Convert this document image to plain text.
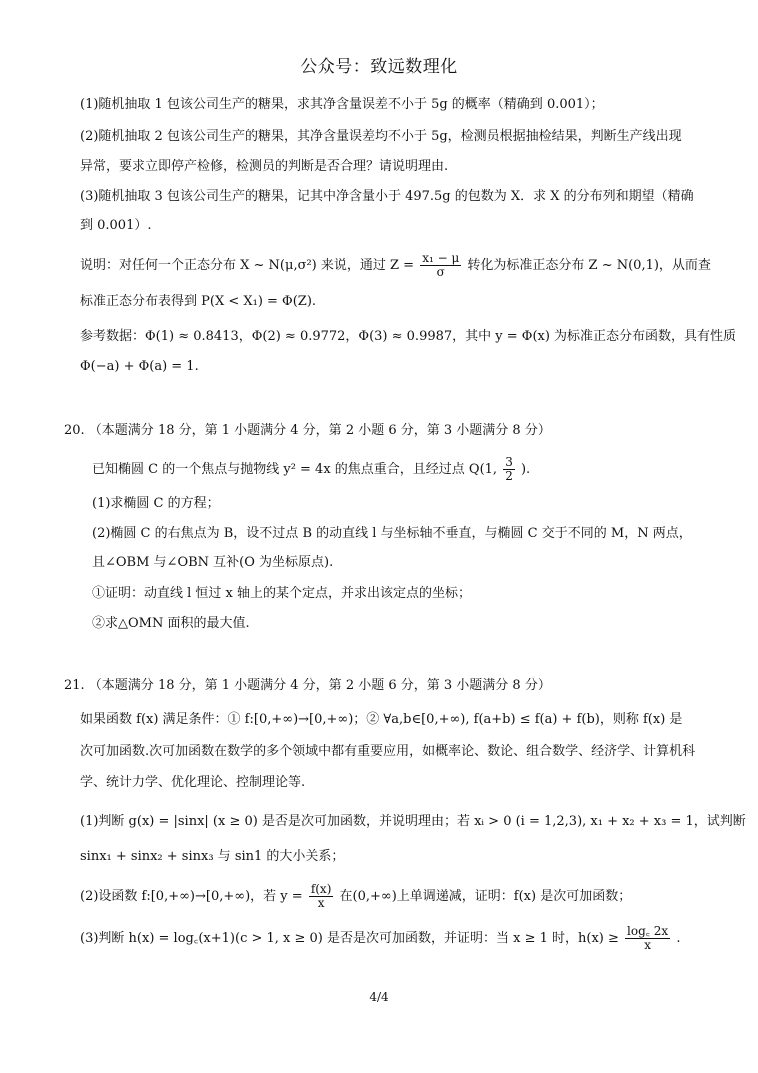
公众号：致远数理化
(1)随机抽取 1 包该公司生产的糖果，求其净含量误差不小于 5g 的概率（精确到 0.001）；
(2)随机抽取 2 包该公司生产的糖果，其净含量误差均不小于 5g，检测员根据抽检结果，判断生产线出现
异常，要求立即停产检修，检测员的判断是否合理？请说明理由.
(3)随机抽取 3 包该公司生产的糖果，记其中净含量小于 497.5g 的包数为 X．求 X 的分布列和期望（精确
到 0.001）.
说明：对任何一个正态分布 X ~ N(μ,σ²) 来说，通过 $Z = \frac{\text{x₁ − μ}}{\sigma}$ 转化为标准正态分布 Z ~ N(0,1)，从而查
标准正态分布表得到 P(X < X₁) = Φ(Z).
参考数据：Φ(1) ≈ 0.8413，Φ(2) ≈ 0.9772，Φ(3) ≈ 0.9987，其中 y = Φ(x) 为标准正态分布函数，具有性质
Φ(−a) + Φ(a) = 1.
20. （本题满分 18 分，第 1 小题满分 4 分，第 2 小题 6 分，第 3 小题满分 8 分）
已知椭圆 C 的一个焦点与抛物线 y² = 4x 的焦点重合，且经过点 Q(1, $\frac{3}{2}$ ).
(1)求椭圆 C 的方程；
(2)椭圆 C 的右焦点为 B，设不过点 B 的动直线 l 与坐标轴不垂直，与椭圆 C 交于不同的 M，N 两点，
且∠OBM 与∠OBN 互补(O 为坐标原点).
①证明：动直线 l 恒过 x 轴上的某个定点，并求出该定点的坐标；
②求△OMN 面积的最大值.
21. （本题满分 18 分，第 1 小题满分 4 分，第 2 小题 6 分，第 3 小题满分 8 分）
如果函数 f(x) 满足条件：① f:[0,+∞)→[0,+∞)；② ∀a,b∈[0,+∞), f(a+b) ≤ f(a) + f(b)，则称 f(x) 是
次可加函数.次可加函数在数学的多个领域中都有重要应用，如概率论、数论、组合数学、经济学、计算机科
学、统计力学、优化理论、控制理论等.
(1)判断 g(x) = |sinx| (x ≥ 0) 是否是次可加函数，并说明理由；若 xᵢ > 0 (i = 1,2,3), x₁ + x₂ + x₃ = 1，试判断
sinx₁ + sinx₂ + sinx₃ 与 sin1 的大小关系；
(2)设函数 f:[0,+∞)→[0,+∞)，若 $y = \frac{f(x)}{x}$ 在(0,+∞)上单调递减，证明：f(x) 是次可加函数；
(3)判断 h(x) = log꜀(x+1)(c > 1, x ≥ 0) 是否是次可加函数，并证明：当 x ≥ 1 时，$h(x) \ge \frac{\log꜀ 2x}{x}$ .
4/4
